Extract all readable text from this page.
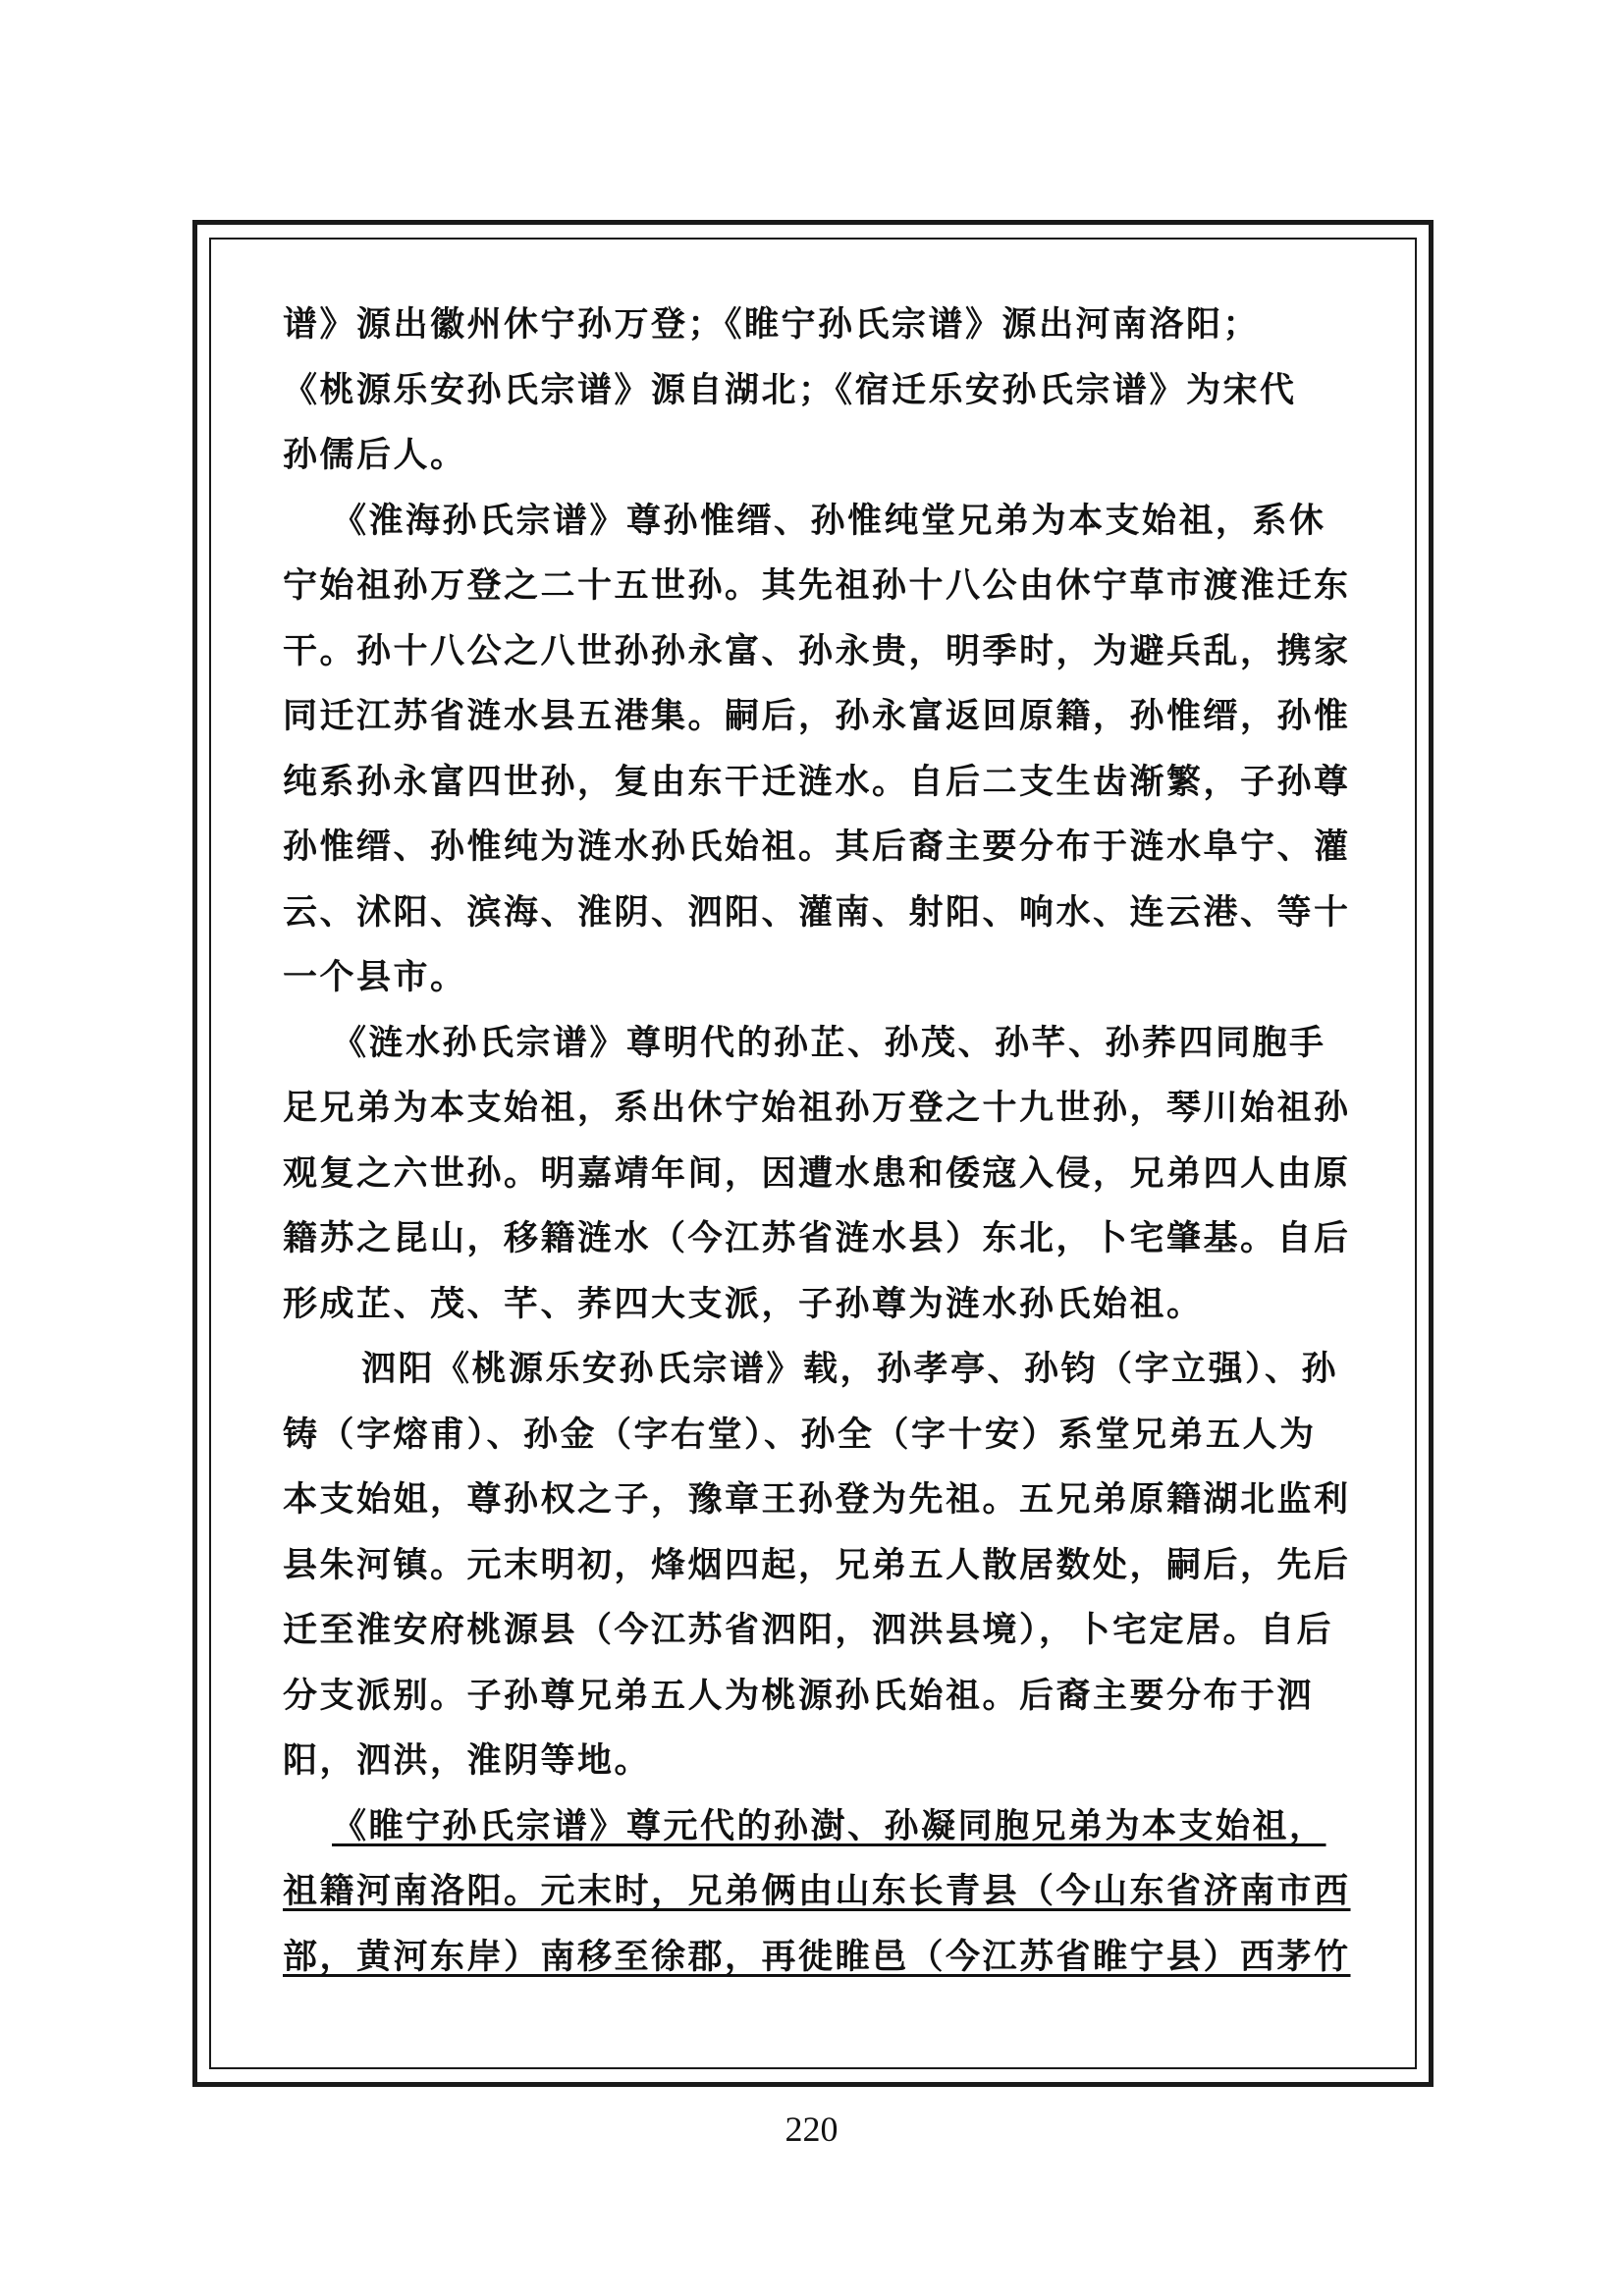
谱》源出徽州休宁孙万登；《睢宁孙氏宗谱》源出河南洛阳；
《桃源乐安孙氏宗谱》源自湖北；《宿迁乐安孙氏宗谱》为宋代
孙儒后人。
《淮海孙氏宗谱》尊孙惟缙、孙惟纯堂兄弟为本支始祖，系休
宁始祖孙万登之二十五世孙。其先祖孙十八公由休宁草市渡淮迁东
干。孙十八公之八世孙孙永富、孙永贵，明季时，为避兵乱，携家
同迁江苏省涟水县五港集。嗣后，孙永富返回原籍，孙惟缙，孙惟
纯系孙永富四世孙，复由东干迁涟水。自后二支生齿渐繁，子孙尊
孙惟缙、孙惟纯为涟水孙氏始祖。其后裔主要分布于涟水阜宁、灌
云、沭阳、滨海、淮阴、泗阳、灌南、射阳、响水、连云港、等十
一个县市。
《涟水孙氏宗谱》尊明代的孙芷、孙茂、孙芊、孙荞四同胞手
足兄弟为本支始祖，系出休宁始祖孙万登之十九世孙，琴川始祖孙
观复之六世孙。明嘉靖年间，因遭水患和倭寇入侵，兄弟四人由原
籍苏之昆山，移籍涟水（今江苏省涟水县）东北，卜宅肇基。自后
形成芷、茂、芊、荞四大支派，子孙尊为涟水孙氏始祖。
泗阳《桃源乐安孙氏宗谱》载，孙孝亭、孙钧（字立强）、孙
铸（字熔甫）、孙金（字右堂）、孙全（字十安）系堂兄弟五人为
本支始姐，尊孙权之子，豫章王孙登为先祖。五兄弟原籍湖北监利
县朱河镇。元末明初，烽烟四起，兄弟五人散居数处，嗣后，先后
迁至淮安府桃源县（今江苏省泗阳，泗洪县境），卜宅定居。自后
分支派别。子孙尊兄弟五人为桃源孙氏始祖。后裔主要分布于泗
阳，泗洪，淮阴等地。
《睢宁孙氏宗谱》尊元代的孙澍、孙凝同胞兄弟为本支始祖，
祖籍河南洛阳。元末时，兄弟俩由山东长青县（今山东省济南市西
部，黄河东岸）南移至徐郡，再徙睢邑（今江苏省睢宁县）西茅竹
220
